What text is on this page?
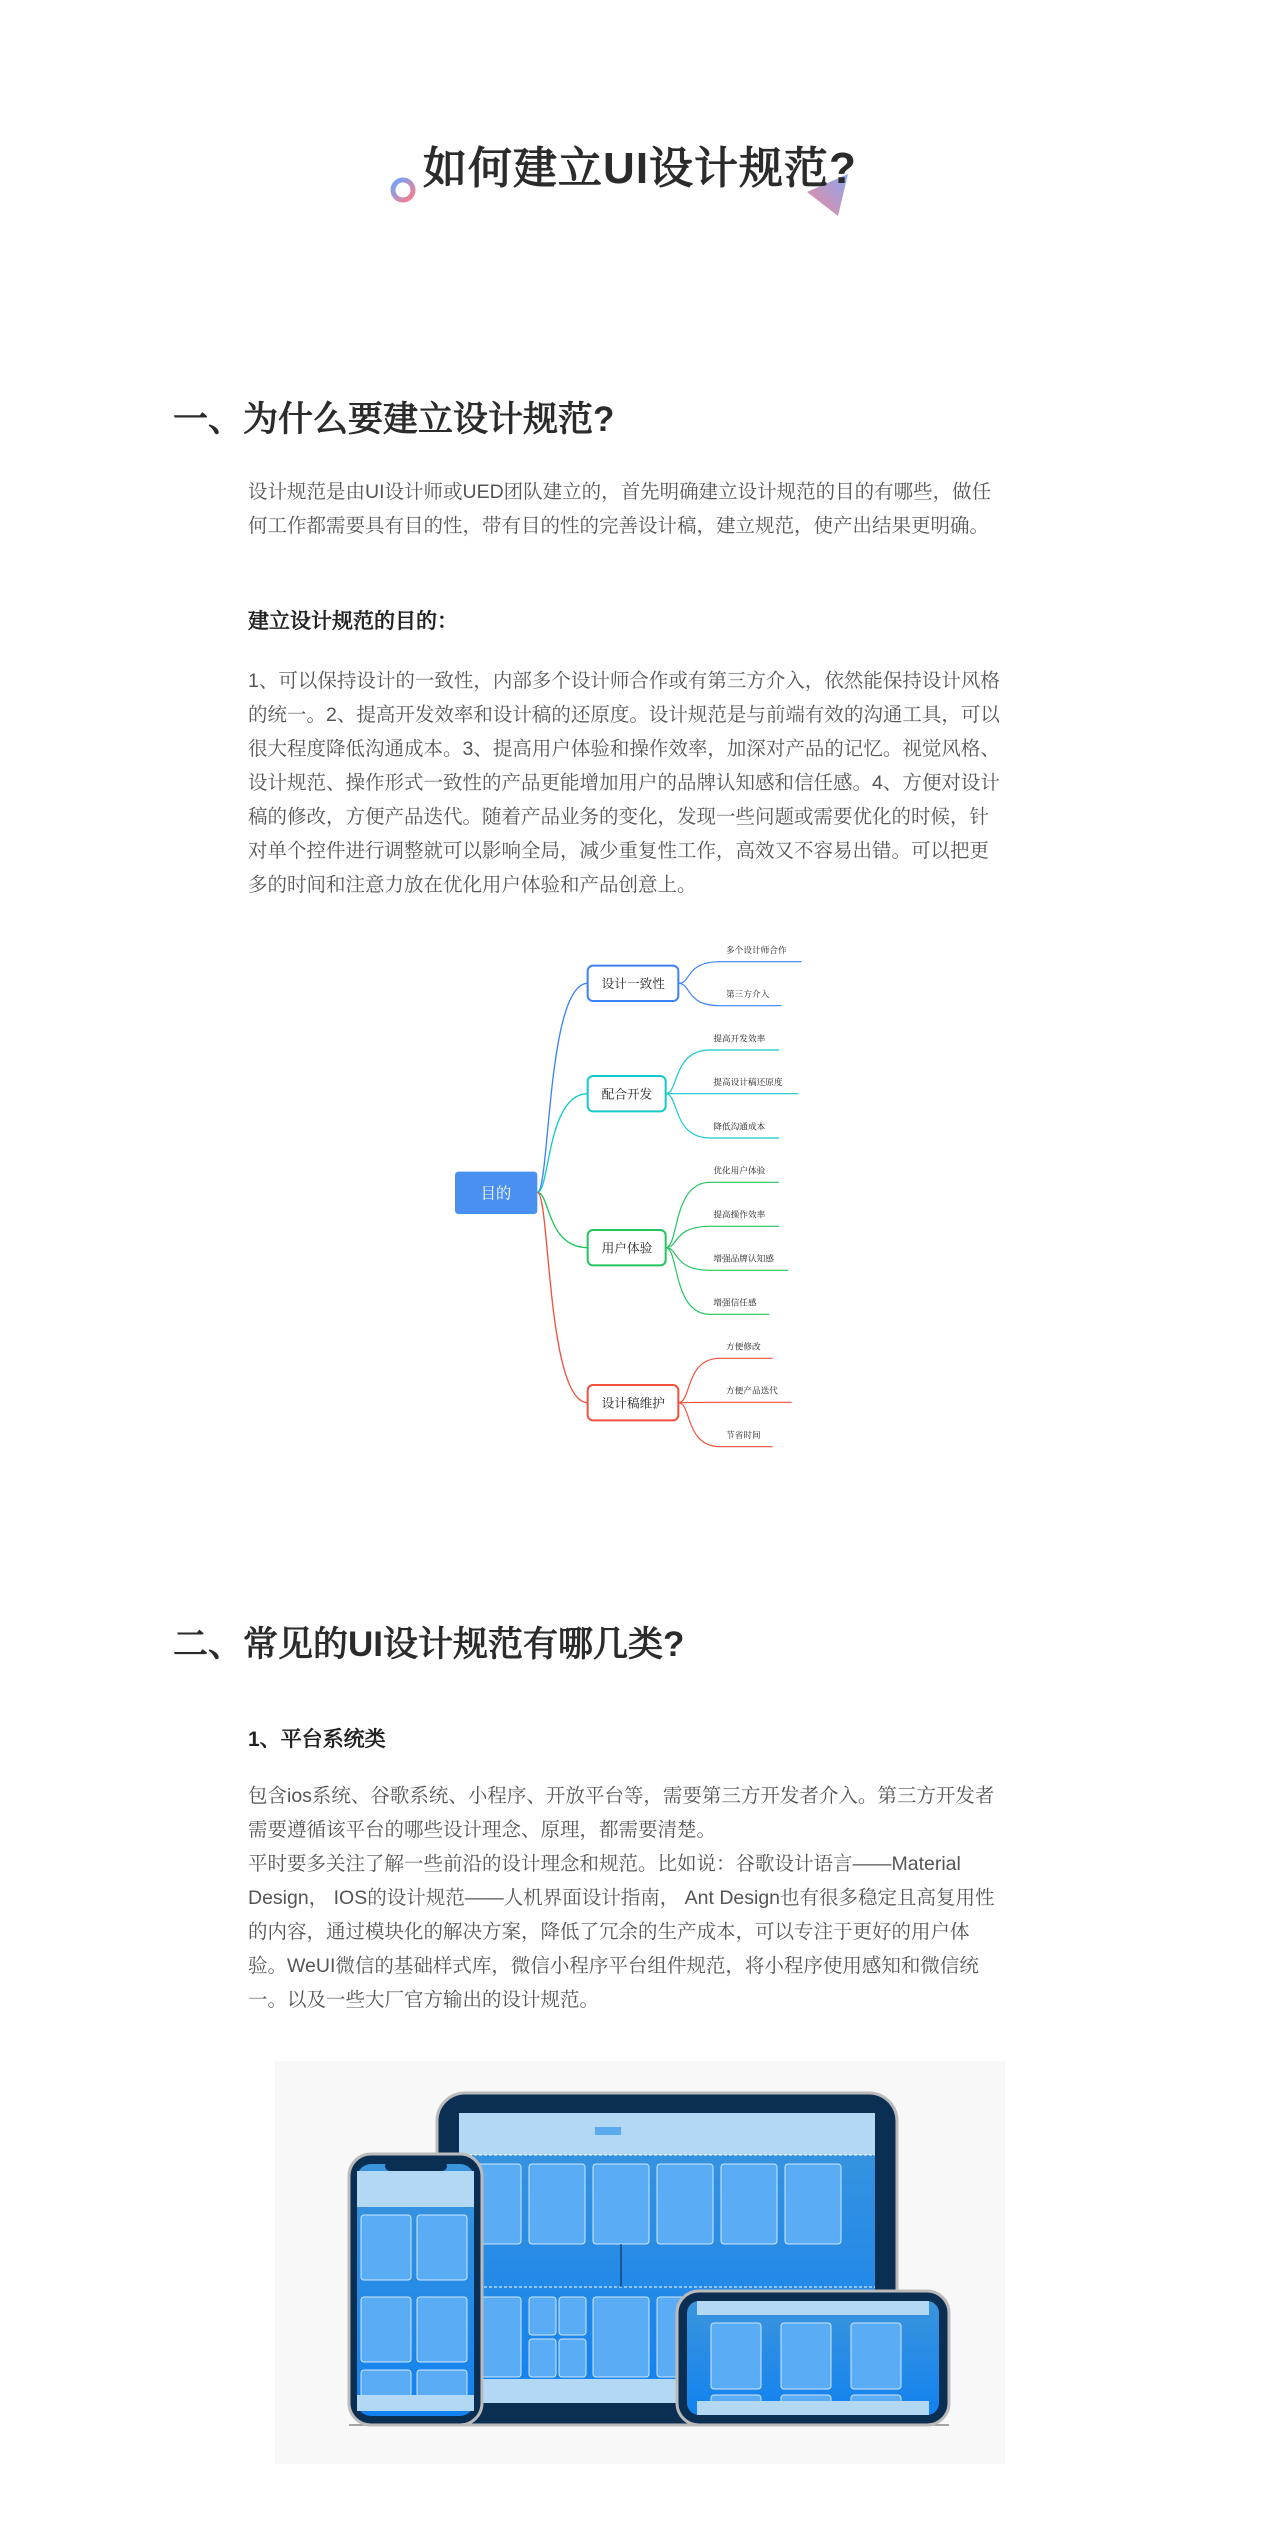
如何建立UI设计规范?
一、为什么要建立设计规范?
设计规范是由UI设计师或UED团队建立的，首先明确建立设计规范的目的有哪些，做任
何工作都需要具有目的性，带有目的性的完善设计稿，建立规范，使产出结果更明确。
建立设计规范的目的：
1、可以保持设计的一致性，内部多个设计师合作或有第三方介入，依然能保持设计风格
的统一。2、提高开发效率和设计稿的还原度。设计规范是与前端有效的沟通工具，可以
很大程度降低沟通成本。3、提高用户体验和操作效率，加深对产品的记忆。视觉风格、
设计规范、操作形式一致性的产品更能增加用户的品牌认知感和信任感。4、方便对设计
稿的修改，方便产品迭代。随着产品业务的变化，发现一些问题或需要优化的时候，针
对单个控件进行调整就可以影响全局，减少重复性工作，高效又不容易出错。可以把更
多的时间和注意力放在优化用户体验和产品创意上。
设计一致性
多个设计师合作
第三方介入
配合开发
提高开发效率
提高设计稿还原度
降低沟通成本
用户体验
优化用户体验
提高操作效率
增强品牌认知感
增强信任感
设计稿维护
方便修改
方便产品迭代
节省时间
目的
二、常见的UI设计规范有哪几类?
1、平台系统类
包含ios系统、谷歌系统、小程序、开放平台等，需要第三方开发者介入。第三方开发者
需要遵循该平台的哪些设计理念、原理，都需要清楚。
平时要多关注了解一些前沿的设计理念和规范。比如说：谷歌设计语言——Material
Design， IOS的设计规范——人机界面设计指南， Ant Design也有很多稳定且高复用性
的内容，通过模块化的解决方案，降低了冗余的生产成本，可以专注于更好的用户体
验。WeUI微信的基础样式库，微信小程序平台组件规范，将小程序使用感知和微信统
一。以及一些大厂官方输出的设计规范。
